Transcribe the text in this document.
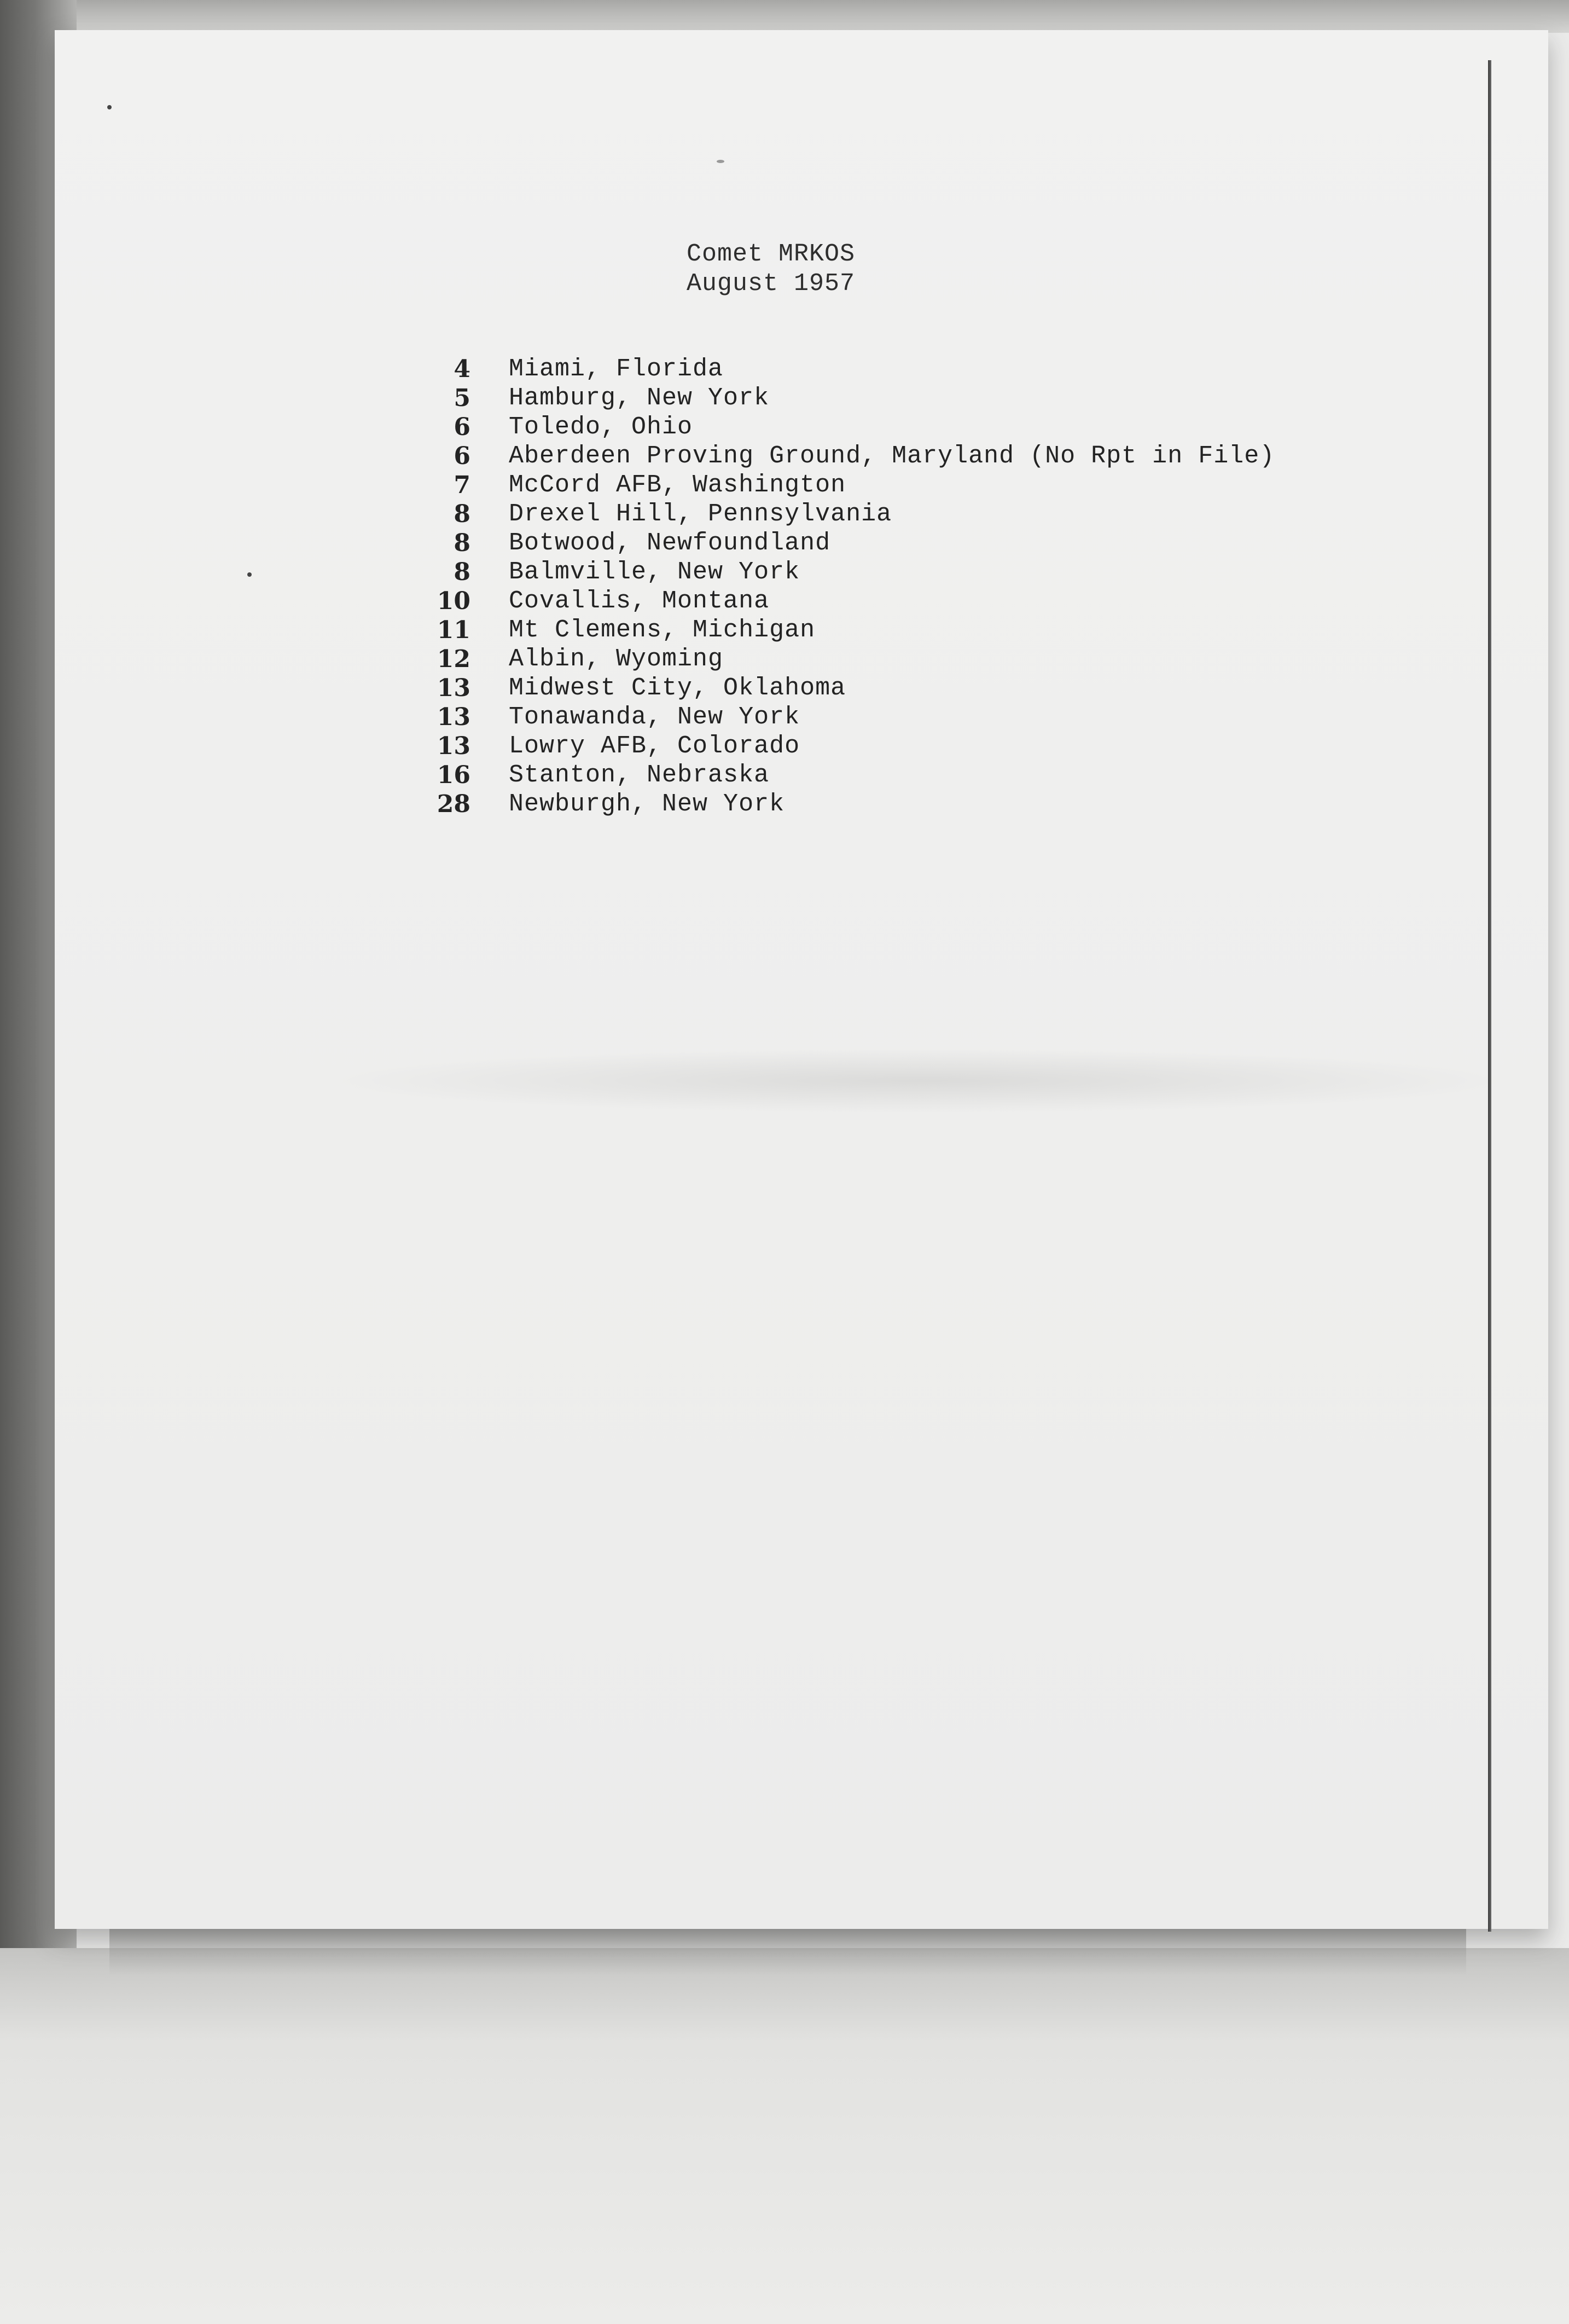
Comet MRKOS
August 1957
4 Miami, Florida
5 Hamburg, New York
6 Toledo, Ohio
6 Aberdeen Proving Ground, Maryland (No Rpt in File)
7 McCord AFB, Washington
8 Drexel Hill, Pennsylvania
8 Botwood, Newfoundland
8 Balmville, New York
10 Covallis, Montana
11 Mt Clemens, Michigan
12 Albin, Wyoming
13 Midwest City, Oklahoma
13 Tonawanda, New York
13 Lowry AFB, Colorado
16 Stanton, Nebraska
28 Newburgh, New York
